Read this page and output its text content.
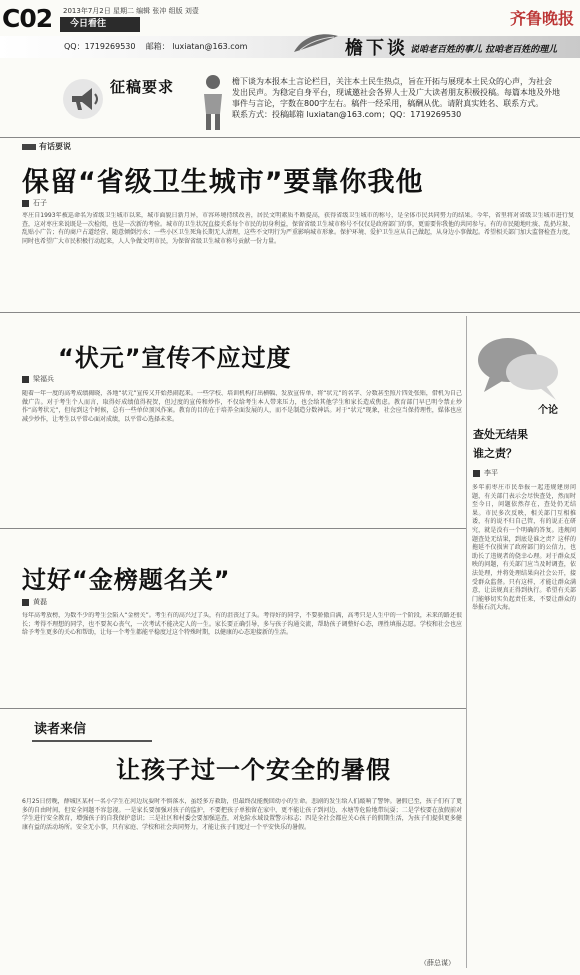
C02 2013年7月2日 星期二 编辑 张冲 组版 刘壹
今日看往	齐鲁晚报
QQ：1719269530 邮箱： luxiatan@163.com	檐下谈 说咱老百姓的事儿 拉咱老百姓的理儿
征稿要求	檐下谈为本报本土言论栏目，关注本土民生热点，旨在开拓与展现本土民众的心声，为社会
发出民声。为稳定自身平台，现诚邀社会各界人士及广大读者朋友积极投稿。每篇本地及外地
事件与言论，字数在800字左右。稿件一经采用，稿酬从优。请附真实姓名、联系方式。
联系方式：投稿邮箱 luxiatan@163.com；QQ：1719269530
有话要说
保留“省级卫生城市”要靠你我他
石子
枣庄自1993年被巡命名为省级卫生城市以来，城市面貌日新月异，市容环境持续改善，居民文明素质不断提高，获得省级卫生城市的称号，是全体市民共同努力的结果。今年，省里将对省级卫生城市进行复查，这对枣庄来说既是一次检阅，也是一次新的考验。城市的卫生状况直接关系每个市民的切身利益，保留省级卫生城市称号不仅仅是政府部门的事，更需要你我他的共同参与。有的市民随地吐痰、乱扔垃圾、乱贴小广告；有的商户占道经营、随意倾倒污水；一些小区卫生死角长期无人清理，这些不文明行为严重影响城市形象。保护环境、爱护卫生应从自己做起，从身边小事做起。希望相关部门加大监督检查力度，同时也希望广大市民积极行动起来，人人争做文明市民，为保留省级卫生城市称号贡献一份力量。
“状元”宣传不应过度
梁福兵
随着一年一度的高考成绩揭晓，各地“状元”宣传又开始热闹起来。一些学校、培训机构打出横幅、发放宣传单，将“状元”的名字、分数甚至照片四处张贴，借机为自己做广告。对于考生个人而言，取得好成绩值得祝贺，但过度的宣传和炒作，不仅给考生本人带来压力，也会给其他学生和家长造成焦虑。教育部门早已明令禁止炒作“高考状元”，但每到这个时候，总有一些单位顶风作案。教育的目的在于培养全面发展的人，而不是制造分数神话。对于“状元”现象，社会应当保持理性，媒体也应减少炒作，让考生以平常心面对成绩，以平常心选择未来。
过好“金榜题名关”
黄磊
每年高考放榜，为数不少的考生会陷入“金榜关”。考生有的高兴过了头，有的沮丧过了头。考得好的同学，不要骄傲自满，高考只是人生中的一个阶段，未来的路还很长；考得不理想的同学，也不要灰心丧气，一次考试不能决定人的一生。家长要正确引导，多与孩子沟通交流，帮助孩子调整好心态，理性填报志愿。学校和社会也应给予考生更多的关心和帮助，让每一个考生都能平稳度过这个特殊时期，以健康的心态迎接新的生活。
个论
查处无结果
谁之责？
李平
多年前枣庄市民举报一起违规建房问题，有关部门表示会尽快查处，然而时至今日，问题依然存在，查处仍无结果。市民多次反映，相关部门互相推诿，有的说不归自己管，有的说正在研究，就是没有一个明确的答复。违规问题查处无结果，到底是谁之责？这样的拖延不仅损害了政府部门的公信力，也助长了违规者的侥幸心理。对于群众反映的问题，有关部门应当及时调查，依法处理，并将处理结果向社会公开，接受群众监督。只有这样，才能让群众满意，让法规真正得到执行。希望有关部门能够切实负起责任来，不要让群众的举报石沉大海。
读者来信
让孩子过一个安全的暑假
6月25日傍晚，薛城区某村一名小学生在河边玩耍时不慎落水，虽经多方救助，但最终没能挽回幼小的生命。悲剧的发生给人们敲响了警钟。暑假已至，孩子们有了更多的自由时间，但安全问题不容忽视。一是家长要加强对孩子的监护，不要把孩子单独留在家中，更不能让孩子到河边、水塘等危险地带玩耍；二是学校要在放假前对学生进行安全教育，增强孩子的自我保护意识；三是社区和村委会要加强巡查，对危险水域设置警示标志；四是全社会都应关心孩子的假期生活，为孩子们提供更多健康有益的活动场所。安全无小事，只有家庭、学校和社会共同努力，才能让孩子们度过一个平安快乐的暑假。
（薛总谋）
